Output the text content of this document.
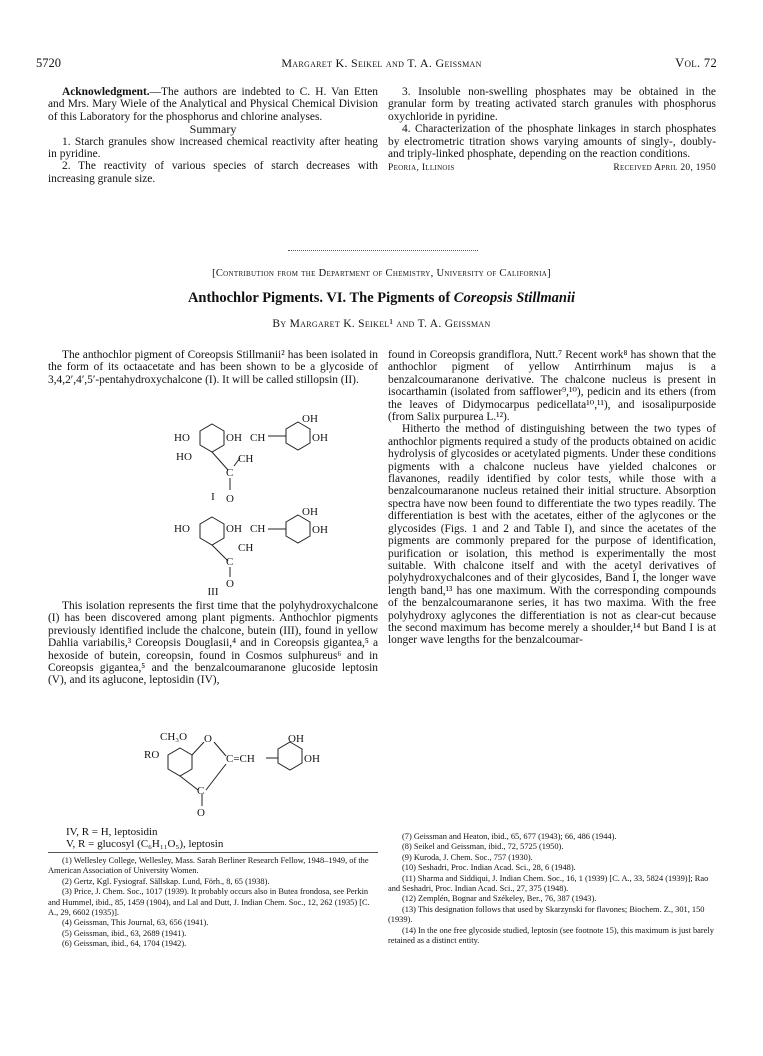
5720	Margaret K. Seikel and T. A. Geissman	Vol. 72

Acknowledgment.—The authors are indebted to C. H. Van Etten and Mrs. Mary Wiele of the Analytical and Physical Chemical Division of this Laboratory for the phosphorus and chlorine analyses.

Summary

1. Starch granules show increased chemical reactivity after heating in pyridine.

2. The reactivity of various species of starch decreases with increasing granule size.

3. Insoluble non-swelling phosphates may be obtained in the granular form by treating activated starch granules with phosphorus oxychloride in pyridine.

4. Characterization of the phosphate linkages in starch phosphates by electrometric titration shows varying amounts of singly-, doubly- and triply-linked phosphate, depending on the reaction conditions.

Peoria, Illinois	Received April 20, 1950
[Contribution from the Department of Chemistry, University of California]
Anthochlor Pigments. VI. The Pigments of Coreopsis Stillmanii
By Margaret K. Seikel¹ and T. A. Geissman

The anthochlor pigment of Coreopsis Stillmanii² has been isolated in the form of its octaacetate and has been shown to be a glycoside of 3,4,2′,4′,5′-pentahydroxychalcone (I). It will be called stillopsin (II).

HO	OH CH
OH
OH
HO
C
CH
O
I
HO	OH CH
OH
OH
CH
C
O
III

This isolation represents the first time that the polyhydroxychalcone (I) has been discovered among plant pigments. Anthochlor pigments previously identified include the chalcone, butein (III), found in yellow Dahlia variabilis,³ Coreopsis Douglasii,⁴ and in Coreopsis gigantea,⁵ a hexoside of butein, coreopsin, found in Cosmos sulphureus⁶ and in Coreopsis gigantea,⁵ and the benzalcoumaranone glucoside leptosin (V), and its aglucone, leptosidin (IV),

CH₃O
RO
O
C=CH
OH
OH
C
O

IV, R = H, leptosidin

V, R = glucosyl (C₆H₁₁O₅), leptosin

(1) Wellesley College, Wellesley, Mass. Sarah Berliner Research Fellow, 1948–1949, of the American Association of University Women.

(2) Gertz, Kgl. Fysiograf. Sällskap. Lund, Förh., 8, 65 (1938).

(3) Price, J. Chem. Soc., 1017 (1939). It probably occurs also in Butea frondosa, see Perkin and Hummel, ibid., 85, 1459 (1904), and Lal and Dutt, J. Indian Chem. Soc., 12, 262 (1935) [C. A., 29, 6602 (1935)].

(4) Geissman, This Journal, 63, 656 (1941).

(5) Geissman, ibid., 63, 2689 (1941).

(6) Geissman, ibid., 64, 1704 (1942).

found in Coreopsis grandiflora, Nutt.⁷ Recent work⁸ has shown that the anthochlor pigment of yellow Antirrhinum majus is a benzalcoumaranone derivative. The chalcone nucleus is present in isocarthamin (isolated from safflower⁹,¹⁰), pedicin and its ethers (from the leaves of Didymocarpus pedicellata¹⁰,¹¹), and isosalipurposide (from Salix purpurea L.¹²).

Hitherto the method of distinguishing between the two types of anthochlor pigments required a study of the products obtained on acidic hydrolysis of glycosides or acetylated pigments. Under these conditions pigments with a chalcone nucleus have yielded chalcones or flavanones, readily identified by color tests, while those with a benzalcoumaranone nucleus retained their initial structure. Absorption spectra have now been found to differentiate the two types readily. The differentiation is best with the acetates, either of the aglycones or the glycosides (Figs. 1 and 2 and Table I), and since the acetates of the pigments are commonly prepared for the purpose of identification, purification or isolation, this method is experimentally the most suitable. With chalcone itself and with the acetyl derivatives of polyhydroxychalcones and of their glycosides, Band I, the longer wave length band,¹³ has one maximum. With the corresponding compounds of the benzalcoumaranone series, it has two maxima. With the free polyhydroxy aglycones the differentiation is not as clear-cut because the second maximum has become merely a shoulder,¹⁴ but Band I is at longer wave lengths for the benzalcoumar-

(7) Geissman and Heaton, ibid., 65, 677 (1943); 66, 486 (1944).

(8) Seikel and Geissman, ibid., 72, 5725 (1950).

(9) Kuroda, J. Chem. Soc., 757 (1930).

(10) Seshadri, Proc. Indian Acad. Sci., 28, 6 (1948).

(11) Sharma and Siddiqui, J. Indian Chem. Soc., 16, 1 (1939) [C. A., 33, 5824 (1939)]; Rao and Seshadri, Proc. Indian Acad. Sci., 27, 375 (1948).

(12) Zemplén, Bognar and Székeley, Ber., 76, 387 (1943).

(13) This designation follows that used by Skarzynski for flavones; Biochem. Z., 301, 150 (1939).

(14) In the one free glycoside studied, leptosin (see footnote 15), this maximum is just barely retained as a distinct entity.
